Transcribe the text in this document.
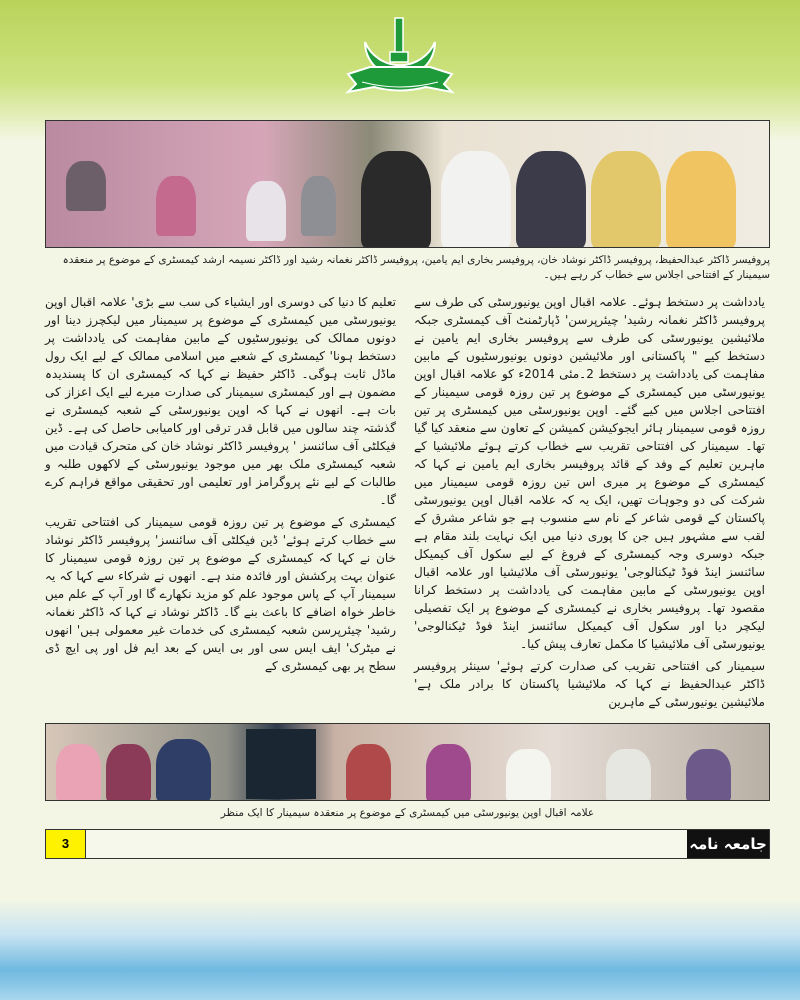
پروفیسر ڈاکٹر عبدالحفیظ، پروفیسر ڈاکٹر نوشاد خان، پروفیسر بخاری ایم یامین، پروفیسر ڈاکٹر نغمانہ رشید اور ڈاکٹر نسیمہ ارشد کیمسٹری کے موضوع پر منعقدہ سیمینار کے افتتاحی اجلاس سے خطاب کر رہے ہیں۔

یادداشت پر دستخط ہوئے۔ علامہ اقبال اوپن یونیورسٹی کی طرف سے پروفیسر ڈاکٹر نغمانہ رشید' چیئرپرسن' ڈپارٹمنٹ آف کیمسٹری جبکہ ملائیشین یونیورسٹی کی طرف سے پروفیسر بخاری ایم یامین نے دستخط کیے " پاکستانی اور ملائیشین دونوں یونیورسٹیوں کے مابین مفاہمت کی یادداشت پر دستخط 2۔مئی 2014ء کو علامہ اقبال اوپن یونیورسٹی میں کیمسٹری کے موضوع پر تین روزہ قومی سیمینار کے افتتاحی اجلاس میں کیے گئے۔ اوپن یونیورسٹی میں کیمسٹری پر تین روزہ قومی سیمینار ہائر ایجوکیشن کمیشن کے تعاون سے منعقد کیا گیا تھا۔ سیمینار کی افتتاحی تقریب سے خطاب کرتے ہوئے ملائیشیا کے ماہرین تعلیم کے وفد کے قائد پروفیسر بخاری ایم یامین نے کہا کہ کیمسٹری کے موضوع پر میری اس تین روزہ قومی سیمینار میں شرکت کی دو وجوہات تھیں، ایک یہ کہ علامہ اقبال اوپن یونیورسٹی پاکستان کے قومی شاعر کے نام سے منسوب ہے جو شاعر مشرق کے لقب سے مشہور ہیں جن کا پوری دنیا میں ایک نہایت بلند مقام ہے جبکہ دوسری وجہ کیمسٹری کے فروغ کے لیے سکول آف کیمیکل سائنسز اینڈ فوڈ ٹیکنالوجی' یونیورسٹی آف ملائیشیا اور علامہ اقبال اوپن یونیورسٹی کے مابین مفاہمت کی یادداشت پر دستخط کرانا مقصود تھا۔ پروفیسر بخاری نے کیمسٹری کے موضوع پر ایک تفصیلی لیکچر دیا اور سکول آف کیمیکل سائنسز اینڈ فوڈ ٹیکنالوجی' یونیورسٹی آف ملائیشیا کا مکمل تعارف پیش کیا۔

سیمینار کی افتتاحی تقریب کی صدارت کرتے ہوئے' سینئر پروفیسر ڈاکٹر عبدالحفیظ نے کہا کہ ملائیشیا پاکستان کا برادر ملک ہے' ملائیشین یونیورسٹی کے ماہرین

تعلیم کا دنیا کی دوسری اور ایشیاء کی سب سے بڑی' علامہ اقبال اوپن یونیورسٹی میں کیمسٹری کے موضوع پر سیمینار میں لیکچرز دینا اور دونوں ممالک کی یونیورسٹیوں کے مابین مفاہمت کی یادداشت پر دستخط ہونا' کیمسٹری کے شعبے میں اسلامی ممالک کے لیے ایک رول ماڈل ثابت ہوگی۔ ڈاکٹر حفیظ نے کہا کہ کیمسٹری ان کا پسندیدہ مضمون ہے اور کیمسٹری سیمینار کی صدارت میرے لیے ایک اعزاز کی بات ہے۔ انھوں نے کہا کہ اوپن یونیورسٹی کے شعبہ کیمسٹری نے گذشتہ چند سالوں میں قابل قدر ترقی اور کامیابی حاصل کی ہے۔ ڈین فیکلٹی آف سائنسز ' پروفیسر ڈاکٹر نوشاد خان کی متحرک قیادت میں شعبہ کیمسٹری ملک بھر میں موجود یونیورسٹی کے لاکھوں طلبہ و طالبات کے لیے نئے پروگرامز اور تعلیمی اور تحقیقی مواقع فراہم کرے گا۔

کیمسٹری کے موضوع پر تین روزہ قومی سیمینار کی افتتاحی تقریب سے خطاب کرتے ہوئے' ڈین فیکلٹی آف سائنسز' پروفیسر ڈاکٹر نوشاد خان نے کہا کہ کیمسٹری کے موضوع پر تین روزہ قومی سیمینار کا عنوان بہت پرکشش اور فائدہ مند ہے۔ انھوں نے شرکاء سے کہا کہ یہ سیمینار آپ کے پاس موجود علم کو مزید نکھارے گا اور آپ کے علم میں خاطر خواہ اضافے کا باعث بنے گا۔ ڈاکٹر نوشاد نے کہا کہ ڈاکٹر نغمانہ رشید' چیئرپرسن شعبہ کیمسٹری کی خدمات غیر معمولی ہیں' انھوں نے میٹرک' ایف ایس سی اور بی ایس کے بعد ایم فل اور پی ایچ ڈی سطح پر بھی کیمسٹری کے

علامہ اقبال اوپن یونیورسٹی میں کیمسٹری کے موضوع پر منعقدہ سیمینار کا ایک منظر
3	جامعہ نامہ
